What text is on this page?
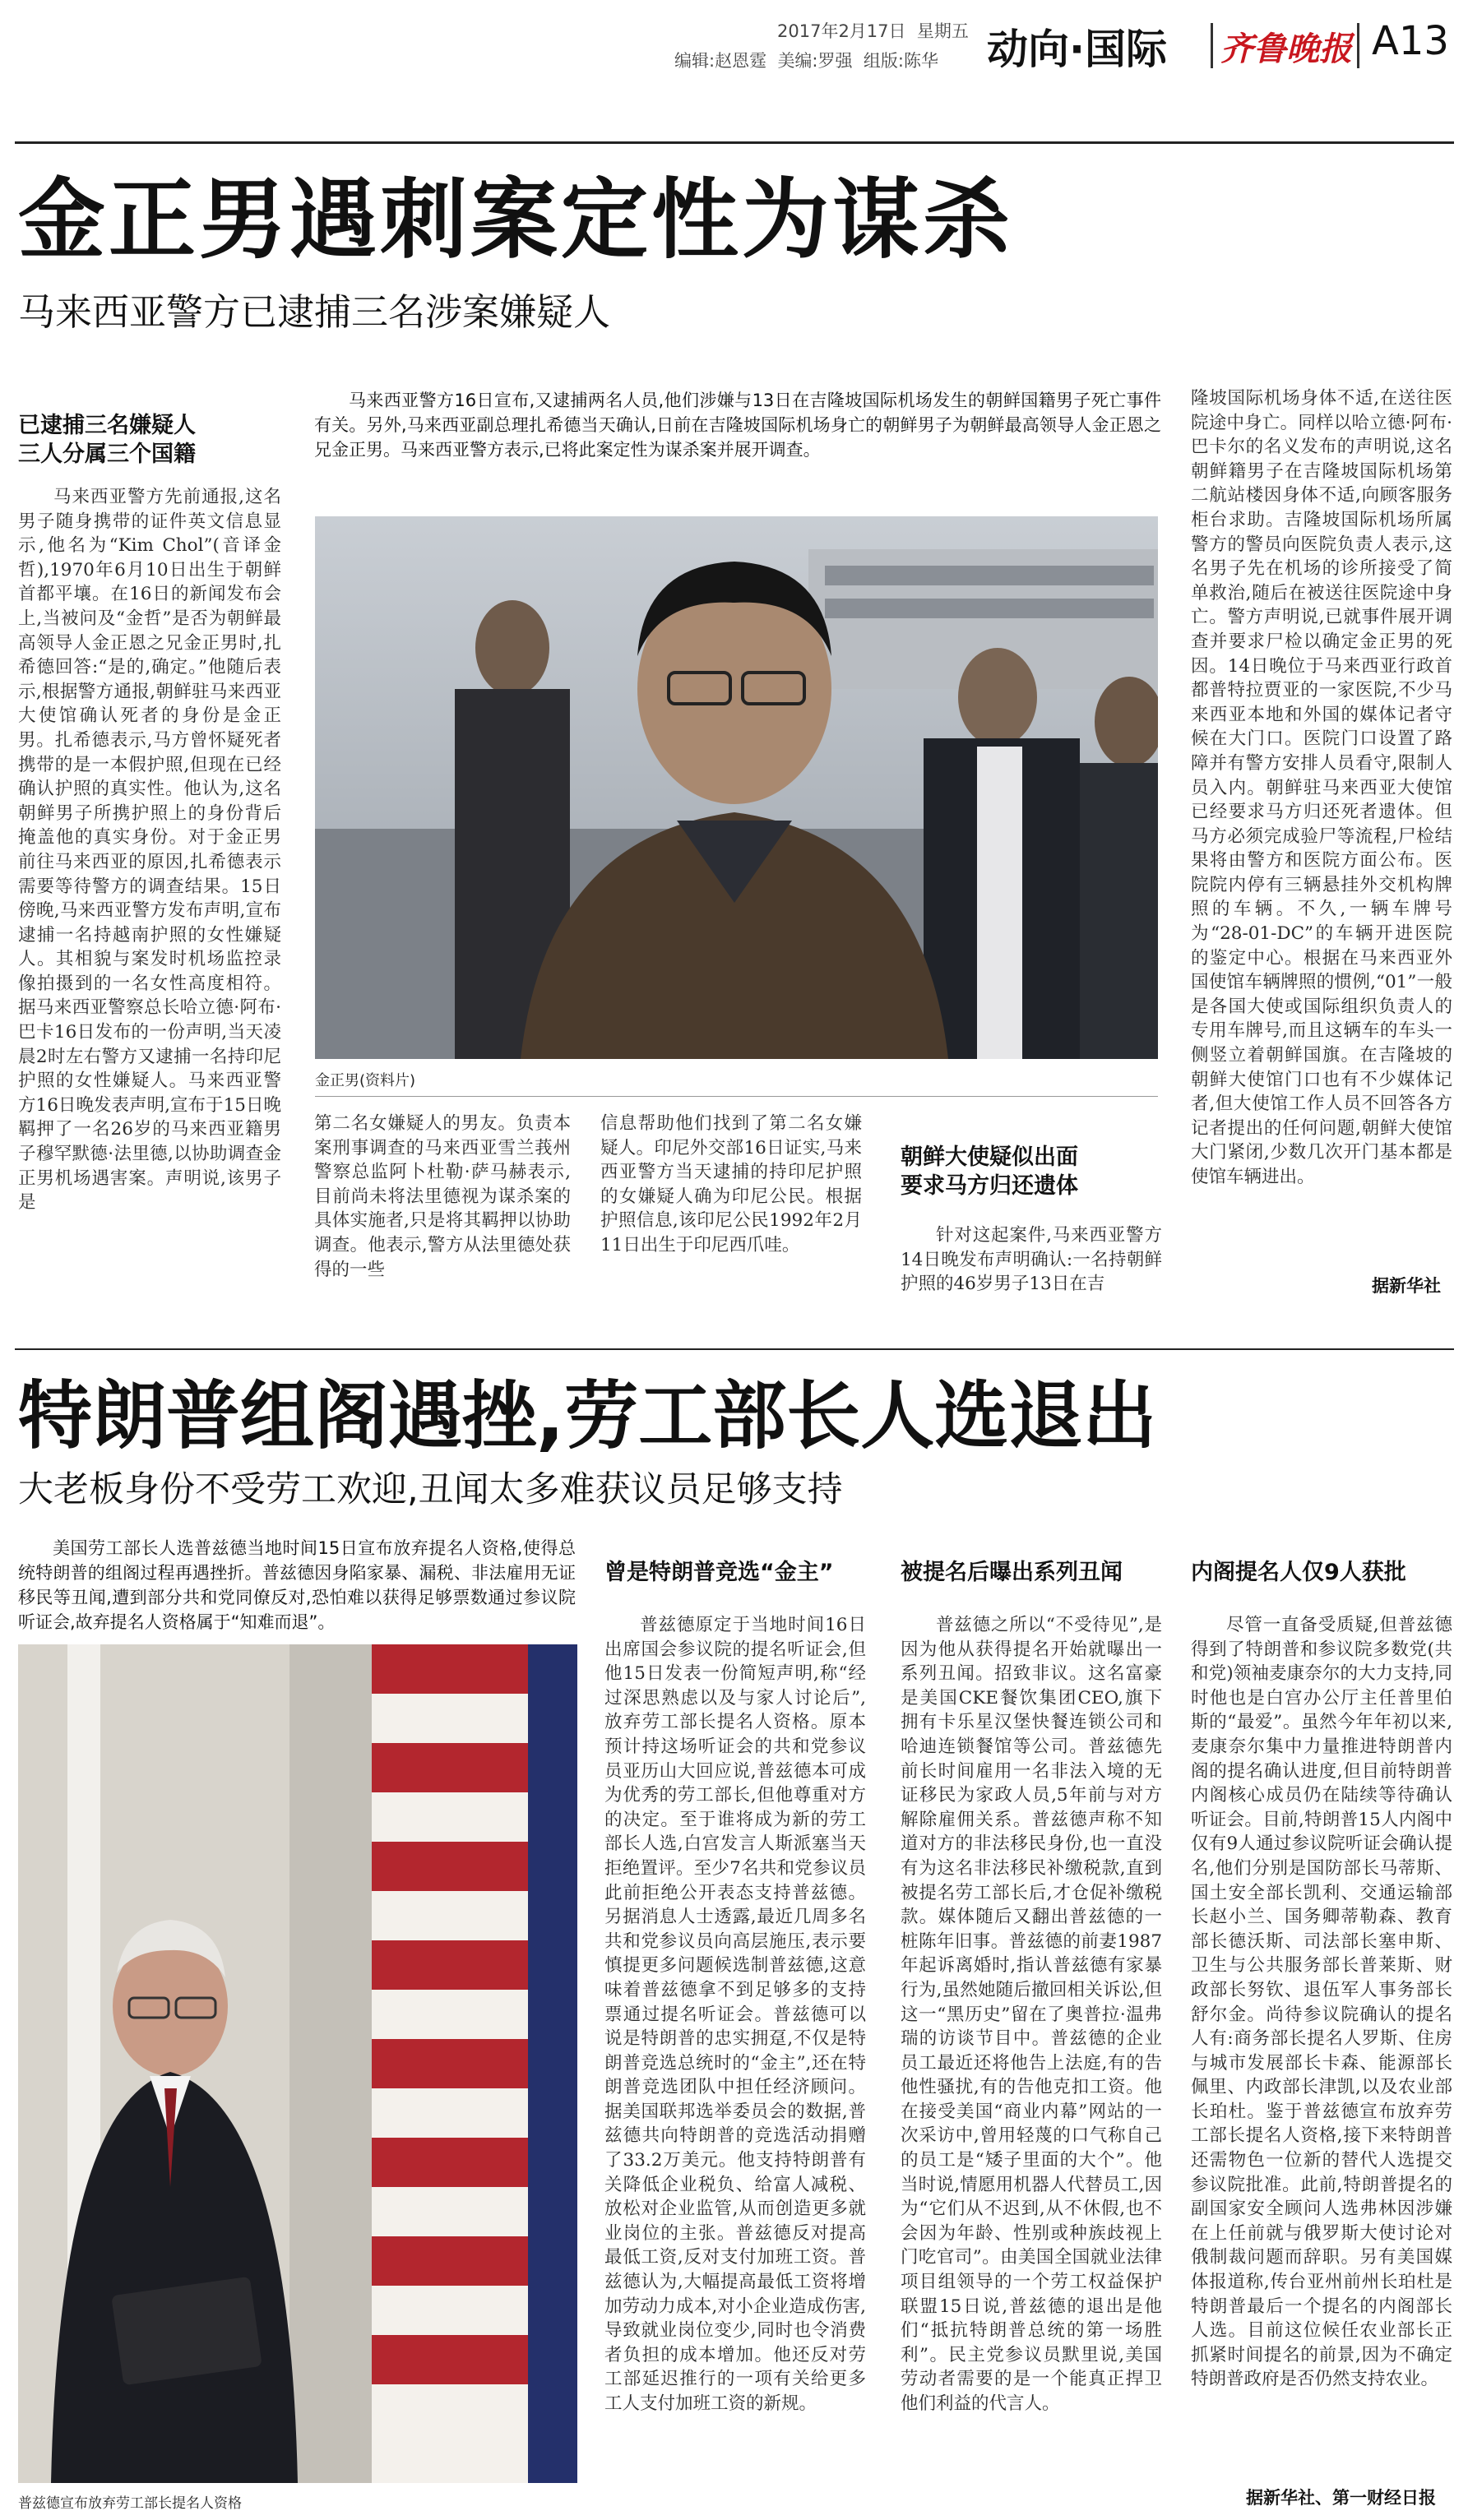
2017年2月17日 星期五
编辑:赵恩霆 美编:罗强 组版:陈华 动向·国际 齐鲁晚报 A13
金正男遇刺案定性为谋杀
马来西亚警方已逮捕三名涉案嫌疑人
已逮捕三名嫌疑人
三人分属三个国籍
马来西亚警方16日宣布,又逮捕两名人员,他们涉嫌与13日在吉隆坡国际机场发生的朝鲜国籍男子死亡事件有关。另外,马来西亚副总理扎希德当天确认,日前在吉隆坡国际机场身亡的朝鲜男子为朝鲜最高领导人金正恩之兄金正男。马来西亚警方表示,已将此案定性为谋杀案并展开调查。
马来西亚警方先前通报,这名男子随身携带的证件英文信息显示,他名为“Kim Chol”(音译金哲),1970年6月10日出生于朝鲜首都平壤。在16日的新闻发布会上,当被问及“金哲”是否为朝鲜最高领导人金正恩之兄金正男时,扎希德回答:“是的,确定。”他随后表示,根据警方通报,朝鲜驻马来西亚大使馆确认死者的身份是金正男。扎希德表示,马方曾怀疑死者携带的是一本假护照,但现在已经确认护照的真实性。他认为,这名朝鲜男子所携护照上的身份背后掩盖他的真实身份。对于金正男前往马来西亚的原因,扎希德表示需要等待警方的调查结果。15日傍晚,马来西亚警方发布声明,宣布逮捕一名持越南护照的女性嫌疑人。其相貌与案发时机场监控录像拍摄到的一名女性高度相符。据马来西亚警察总长哈立德·阿布·巴卡16日发布的一份声明,当天凌晨2时左右警方又逮捕一名持印尼护照的女性嫌疑人。马来西亚警方16日晚发表声明,宣布于15日晚羁押了一名26岁的马来西亚籍男子穆罕默德·法里德,以协助调查金正男机场遇害案。声明说,该男子是
金正男(资料片)
第二名女嫌疑人的男友。负责本案刑事调查的马来西亚雪兰莪州警察总监阿卜杜勒·萨马赫表示,目前尚未将法里德视为谋杀案的具体实施者,只是将其羁押以协助调查。他表示,警方从法里德处获得的一些
信息帮助他们找到了第二名女嫌疑人。印尼外交部16日证实,马来西亚警方当天逮捕的持印尼护照的女嫌疑人确为印尼公民。根据护照信息,该印尼公民1992年2月11日出生于印尼西爪哇。
朝鲜大使疑似出面
要求马方归还遗体
针对这起案件,马来西亚警方14日晚发布声明确认:一名持朝鲜护照的46岁男子13日在吉
隆坡国际机场身体不适,在送往医院途中身亡。同样以哈立德·阿布·巴卡尔的名义发布的声明说,这名朝鲜籍男子在吉隆坡国际机场第二航站楼因身体不适,向顾客服务柜台求助。吉隆坡国际机场所属警方的警员向医院负责人表示,这名男子先在机场的诊所接受了简单救治,随后在被送往医院途中身亡。警方声明说,已就事件展开调查并要求尸检以确定金正男的死因。14日晚位于马来西亚行政首都普特拉贾亚的一家医院,不少马来西亚本地和外国的媒体记者守候在大门口。医院门口设置了路障并有警方安排人员看守,限制人员入内。朝鲜驻马来西亚大使馆已经要求马方归还死者遗体。但马方必须完成验尸等流程,尸检结果将由警方和医院方面公布。医院院内停有三辆悬挂外交机构牌照的车辆。不久,一辆车牌号为“28-01-DC”的车辆开进医院的鉴定中心。根据在马来西亚外国使馆车辆牌照的惯例,“01”一般是各国大使或国际组织负责人的专用车牌号,而且这辆车的车头一侧竖立着朝鲜国旗。在吉隆坡的朝鲜大使馆门口也有不少媒体记者,但大使馆工作人员不回答各方记者提出的任何问题,朝鲜大使馆大门紧闭,少数几次开门基本都是使馆车辆进出。
据新华社
特朗普组阁遇挫,劳工部长人选退出
大老板身份不受劳工欢迎,丑闻太多难获议员足够支持
美国劳工部长人选普兹德当地时间15日宣布放弃提名人资格,使得总统特朗普的组阁过程再遇挫折。普兹德因身陷家暴、漏税、非法雇用无证移民等丑闻,遭到部分共和党同僚反对,恐怕难以获得足够票数通过参议院听证会,故弃提名人资格属于“知难而退”。
普兹德宣布放弃劳工部长提名人资格
曾是特朗普竞选“金主”	被提名后曝出系列丑闻	内阁提名人仅9人获批
普兹德原定于当地时间16日出席国会参议院的提名听证会,但他15日发表一份简短声明,称“经过深思熟虑以及与家人讨论后”,放弃劳工部长提名人资格。原本预计持这场听证会的共和党参议员亚历山大回应说,普兹德本可成为优秀的劳工部长,但他尊重对方的决定。至于谁将成为新的劳工部长人选,白宫发言人斯派塞当天拒绝置评。至少7名共和党参议员此前拒绝公开表态支持普兹德。另据消息人士透露,最近几周多名共和党参议员向高层施压,表示要慎提更多问题候选制普兹德,这意味着普兹德拿不到足够多的支持票通过提名听证会。普兹德可以说是特朗普的忠实拥趸,不仅是特朗普竞选总统时的“金主”,还在特朗普竞选团队中担任经济顾问。据美国联邦选举委员会的数据,普兹德共向特朗普的竞选活动捐赠了33.2万美元。他支持特朗普有关降低企业税负、给富人减税、放松对企业监管,从而创造更多就业岗位的主张。普兹德反对提高最低工资,反对支付加班工资。普兹德认为,大幅提高最低工资将增加劳动力成本,对小企业造成伤害,导致就业岗位变少,同时也令消费者负担的成本增加。他还反对劳工部延迟推行的一项有关给更多工人支付加班工资的新规。
普兹德之所以“不受待见”,是因为他从获得提名开始就曝出一系列丑闻。招致非议。这名富豪是美国CKE餐饮集团CEO,旗下拥有卡乐星汉堡快餐连锁公司和哈迪连锁餐馆等公司。普兹德先前长时间雇用一名非法入境的无证移民为家政人员,5年前与对方解除雇佣关系。普兹德声称不知道对方的非法移民身份,也一直没有为这名非法移民补缴税款,直到被提名劳工部长后,才仓促补缴税款。媒体随后又翻出普兹德的一桩陈年旧事。普兹德的前妻1987年起诉离婚时,指认普兹德有家暴行为,虽然她随后撤回相关诉讼,但这一“黑历史”留在了奥普拉·温弗瑞的访谈节目中。普兹德的企业员工最近还将他告上法庭,有的告他性骚扰,有的告他克扣工资。他在接受美国“商业内幕”网站的一次采访中,曾用轻蔑的口气称自己的员工是“矮子里面的大个”。他当时说,情愿用机器人代替员工,因为“它们从不迟到,从不休假,也不会因为年龄、性别或种族歧视上门吃官司”。由美国全国就业法律项目组领导的一个劳工权益保护联盟15日说,普兹德的退出是他们“抵抗特朗普总统的第一场胜利”。民主党参议员默里说,美国劳动者需要的是一个能真正捍卫他们利益的代言人。
尽管一直备受质疑,但普兹德得到了特朗普和参议院多数党(共和党)领袖麦康奈尔的大力支持,同时他也是白宫办公厅主任普里伯斯的“最爱”。虽然今年年初以来,麦康奈尔集中力量推进特朗普内阁的提名确认进度,但目前特朗普内阁核心成员仍在陆续等待确认听证会。目前,特朗普15人内阁中仅有9人通过参议院听证会确认提名,他们分别是国防部长马蒂斯、国土安全部长凯利、交通运输部长赵小兰、国务卿蒂勒森、教育部长德沃斯、司法部长塞申斯、卫生与公共服务部长普莱斯、财政部长努钦、退伍军人事务部长舒尔金。尚待参议院确认的提名人有:商务部长提名人罗斯、住房与城市发展部长卡森、能源部长佩里、内政部长津凯,以及农业部长珀杜。鉴于普兹德宣布放弃劳工部长提名人资格,接下来特朗普还需物色一位新的替代人选提交参议院批准。此前,特朗普提名的副国家安全顾问人选弗林因涉嫌在上任前就与俄罗斯大使讨论对俄制裁问题而辞职。另有美国媒体报道称,传台亚州前州长珀杜是特朗普最后一个提名的内阁部长人选。目前这位候任农业部长正抓紧时间提名的前景,因为不确定特朗普政府是否仍然支持农业。
据新华社、第一财经日报
